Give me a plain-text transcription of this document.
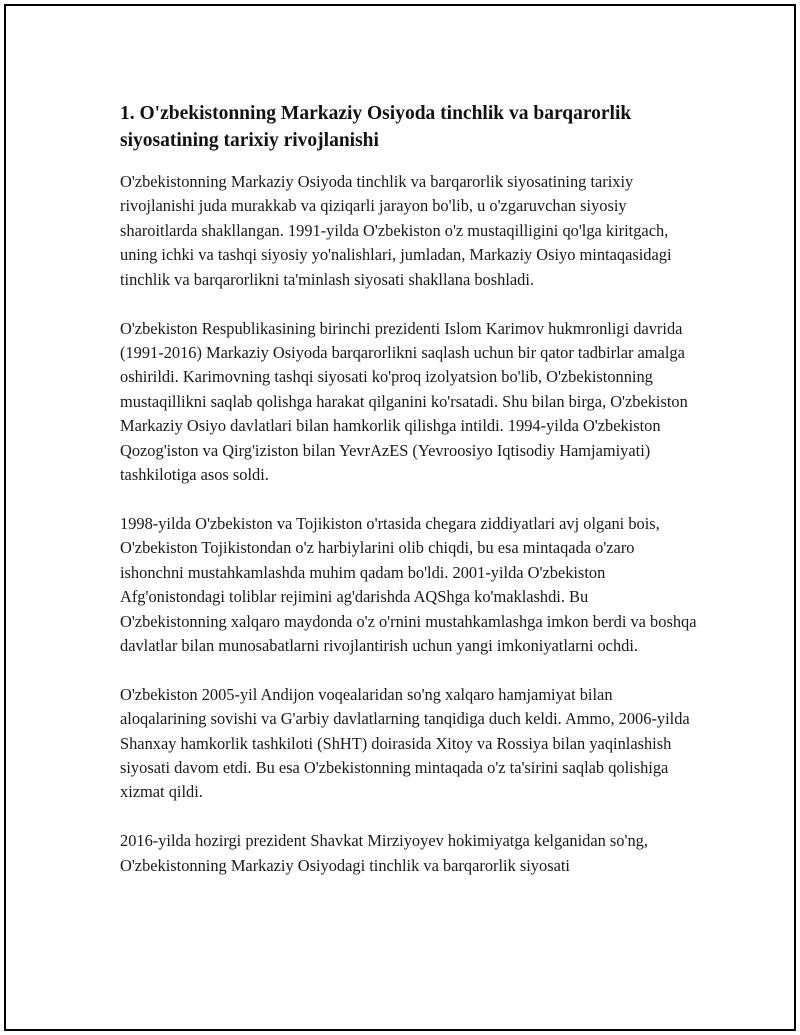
1. O'zbekistonning Markaziy Osiyoda tinchlik va barqarorlik siyosatining tarixiy rivojlanishi

O'zbekistonning Markaziy Osiyoda tinchlik va barqarorlik siyosatining tarixiy rivojlanishi juda murakkab va qiziqarli jarayon bo'lib, u o'zgaruvchan siyosiy sharoitlarda shakllangan. 1991-yilda O'zbekiston o'z mustaqilligini qo'lga kiritgach, uning ichki va tashqi siyosiy yo'nalishlari, jumladan, Markaziy Osiyo mintaqasidagi tinchlik va barqarorlikni ta'minlash siyosati shakllana boshladi.

O'zbekiston Respublikasining birinchi prezidenti Islom Karimov hukmronligi davrida (1991-2016) Markaziy Osiyoda barqarorlikni saqlash uchun bir qator tadbirlar amalga oshirildi. Karimovning tashqi siyosati ko'proq izolyatsion bo'lib, O'zbekistonning mustaqillikni saqlab qolishga harakat qilganini ko'rsatadi. Shu bilan birga, O'zbekiston Markaziy Osiyo davlatlari bilan hamkorlik qilishga intildi. 1994-yilda O'zbekiston Qozog'iston va Qirg'iziston bilan YevrAzES (Yevroosiyo Iqtisodiy Hamjamiyati) tashkilotiga asos soldi.

1998-yilda O'zbekiston va Tojikiston o'rtasida chegara ziddiyatlari avj olgani bois, O'zbekiston Tojikistondan o'z harbiylarini olib chiqdi, bu esa mintaqada o'zaro ishonchni mustahkamlashda muhim qadam bo'ldi. 2001-yilda O'zbekiston Afg'onistondagi toliblar rejimini ag'darishda AQShga ko'maklashdi. Bu O'zbekistonning xalqaro maydonda o'z o'rnini mustahkamlashga imkon berdi va boshqa davlatlar bilan munosabatlarni rivojlantirish uchun yangi imkoniyatlarni ochdi.

O'zbekiston 2005-yil Andijon voqealaridan so'ng xalqaro hamjamiyat bilan aloqalarining sovishi va G'arbiy davlatlarning tanqidiga duch keldi. Ammo, 2006-yilda Shanxay hamkorlik tashkiloti (ShHT) doirasida Xitoy va Rossiya bilan yaqinlashish siyosati davom etdi. Bu esa O'zbekistonning mintaqada o'z ta'sirini saqlab qolishiga xizmat qildi.

2016-yilda hozirgi prezident Shavkat Mirziyoyev hokimiyatga kelganidan so'ng, O'zbekistonning Markaziy Osiyodagi tinchlik va barqarorlik siyosati
